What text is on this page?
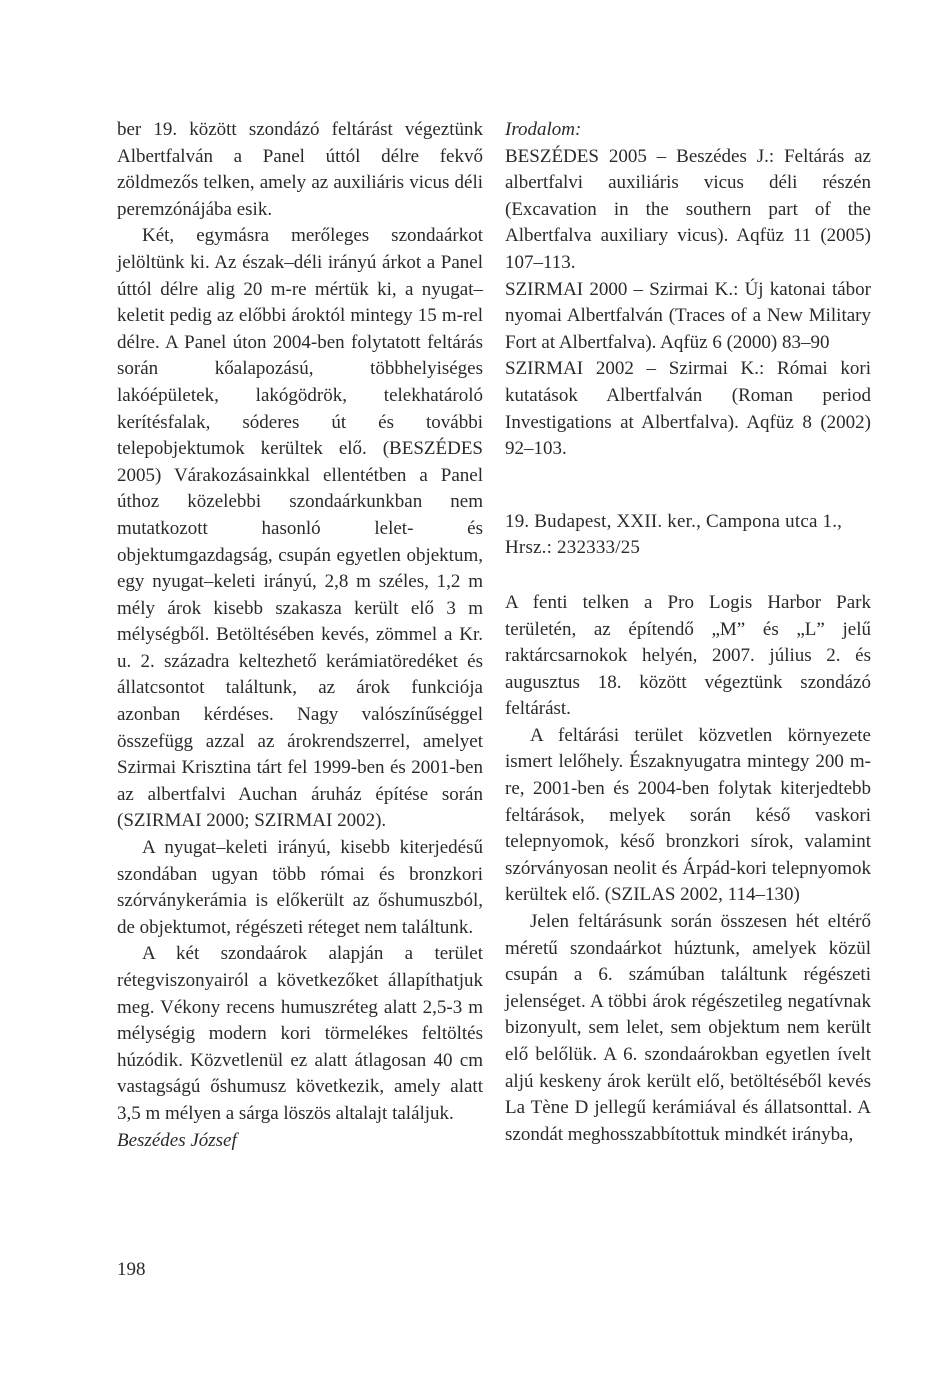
ber 19. között szondázó feltárást végeztünk Albertfalván a Panel úttól délre fekvő zöldmezős telken, amely az auxiliáris vicus déli peremzónájába esik.

Két, egymásra merőleges szondaárkot jelöltünk ki. Az észak–déli irányú árkot a Panel úttól délre alig 20 m-re mértük ki, a nyugat–keletit pedig az előbbi ároktól mintegy 15 m-rel délre. A Panel úton 2004-ben folytatott feltárás során kőalapozású, többhelyiséges lakóépületek, lakógödrök, telekhatároló kerítésfalak, sóderes út és további telepobjektumok kerültek elő. (BESZÉDES 2005) Várakozásainkkal ellentétben a Panel úthoz közelebbi szondaárkunkban nem mutatkozott hasonló lelet- és objektumgazdagság, csupán egyetlen objektum, egy nyugat–keleti irányú, 2,8 m széles, 1,2 m mély árok kisebb szakasza került elő 3 m mélységből. Betöltésében kevés, zömmel a Kr. u. 2. századra keltezhető kerámiatöredéket és állatcsontot találtunk, az árok funkciója azonban kérdéses. Nagy valószínűséggel összefügg azzal az árokrendszerrel, amelyet Szirmai Krisztina tárt fel 1999-ben és 2001-ben az albertfalvi Auchan áruház építése során (SZIRMAI 2000; SZIRMAI 2002).

A nyugat–keleti irányú, kisebb kiterjedésű szondában ugyan több római és bronzkori szórványkerámia is előkerült az őshumuszból, de objektumot, régészeti réteget nem találtunk.

A két szondaárok alapján a terület rétegviszonyairól a következőket állapíthatjuk meg. Vékony recens humuszréteg alatt 2,5-3 m mélységig modern kori törmelékes feltöltés húzódik. Közvetlenül ez alatt átlagosan 40 cm vastagságú őshumusz következik, amely alatt 3,5 m mélyen a sárga löszös altalajt találjuk.

Beszédes József

Irodalom:

BESZÉDES 2005 – Beszédes J.: Feltárás az albertfalvi auxiliáris vicus déli részén (Excavation in the southern part of the Albertfalva auxiliary vicus). Aqfüz 11 (2005) 107–113.

SZIRMAI 2000 – Szirmai K.: Új katonai tábor nyomai Albertfalván (Traces of a New Military Fort at Albertfalva). Aqfüz 6 (2000) 83–90

SZIRMAI 2002 – Szirmai K.: Római kori kutatások Albertfalván (Roman period Investigations at Albertfalva). Aqfüz 8 (2002) 92–103.

19. Budapest, XXII. ker., Campona utca 1., Hrsz.: 232333/25

A fenti telken a Pro Logis Harbor Park területén, az építendő „M” és „L” jelű raktárcsarnokok helyén, 2007. július 2. és augusztus 18. között végeztünk szondázó feltárást.

A feltárási terület közvetlen környezete ismert lelőhely. Északnyugatra mintegy 200 m-re, 2001-ben és 2004-ben folytak kiterjedtebb feltárások, melyek során késő vaskori telepnyomok, késő bronzkori sírok, valamint szórványosan neolit és Árpád-kori telepnyomok kerültek elő. (SZILAS 2002, 114–130)

Jelen feltárásunk során összesen hét eltérő méretű szondaárkot húztunk, amelyek közül csupán a 6. számúban találtunk régészeti jelenséget. A többi árok régészetileg negatívnak bizonyult, sem lelet, sem objektum nem került elő belőlük. A 6. szondaárokban egyetlen ívelt aljú keskeny árok került elő, betöltéséből kevés La Tène D jellegű kerámiával és állatsonttal. A szondát meghosszabbítottuk mindkét irányba,

198
